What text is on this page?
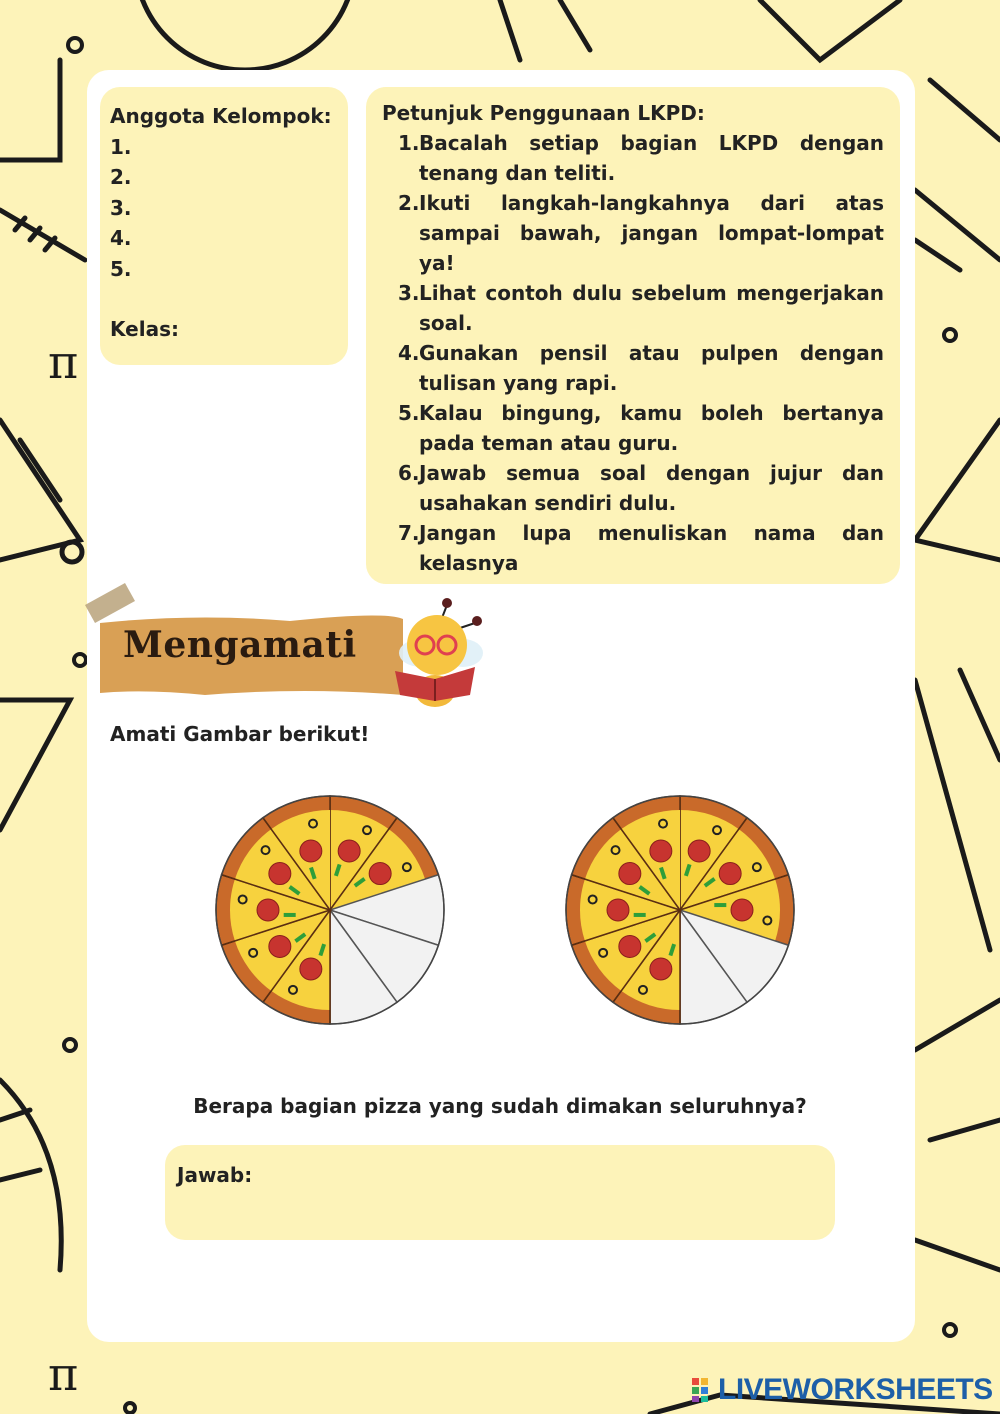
π
π
Anggota Kelompok:
1.
2.
3.
4.
5.
Kelas:
Petunjuk Penggunaan LKPD:
1. Bacalah setiap bagian LKPD dengan tenang dan teliti.
2. Ikuti langkah-langkahnya dari atas sampai bawah, jangan lompat-lompat ya!
3. Lihat contoh dulu sebelum mengerjakan soal.
4. Gunakan pensil atau pulpen dengan tulisan yang rapi.
5. Kalau bingung, kamu boleh bertanya pada teman atau guru.
6. Jawab semua soal dengan jujur dan usahakan sendiri dulu.
7. Jangan lupa menuliskan nama dan kelasnya
Mengamati
Amati Gambar berikut!
Berapa bagian pizza yang sudah dimakan seluruhnya?
Jawab:
LIVEWORKSHEETS
